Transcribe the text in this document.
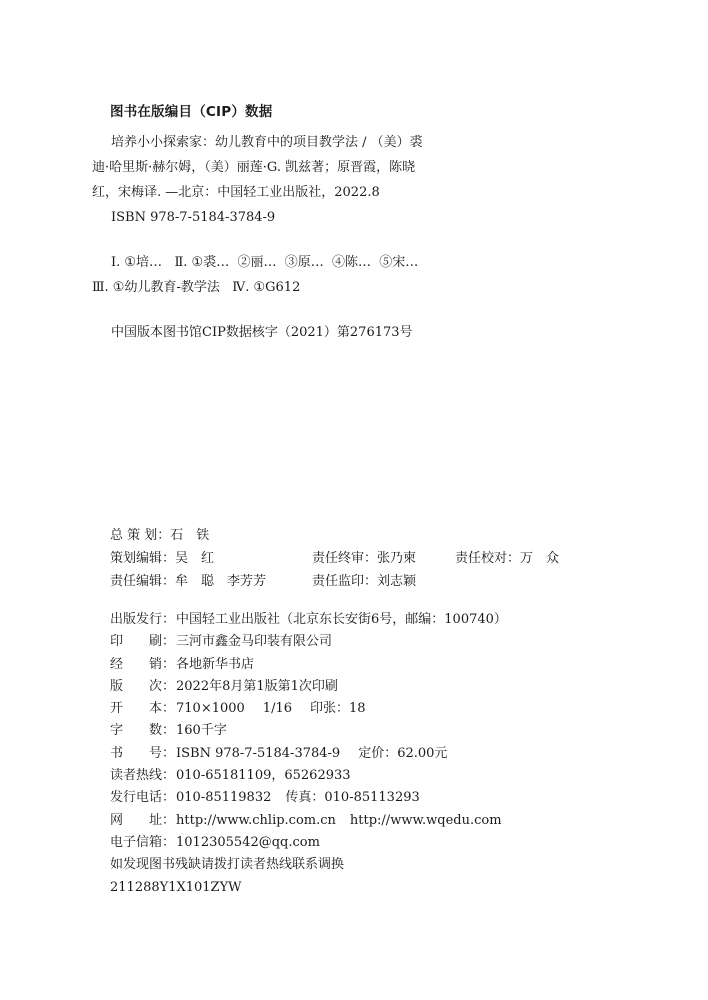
图书在版编目（CIP）数据
培养小小探索家：幼儿教育中的项目教学法 / （美）裘
迪·哈里斯·赫尔姆，（美）丽莲·G. 凯兹著；原晋霞，陈晓
红，宋梅译. —北京：中国轻工业出版社，2022.8
ISBN 978-7-5184-3784-9
Ⅰ. ①培…   Ⅱ. ①裘…  ②丽…  ③原…  ④陈…  ⑤宋…
Ⅲ. ①幼儿教育-教学法   Ⅳ. ①G612
中国版本图书馆CIP数据核字（2021）第276173号
总 策 划：石　铁
策划编辑：吴　红	责任终审：张乃柬	责任校对：万　众
责任编辑：牟　聪　李芳芳	责任监印：刘志颖
出版发行：中国轻工业出版社（北京东长安街6号，邮编：100740）
印　　刷：三河市鑫金马印装有限公司
经　　销：各地新华书店
版　　次：2022年8月第1版第1次印刷
开　　本：710×1000 1/16 印张：18
字　　数：160千字
书　　号：ISBN 978-7-5184-3784-9 定价：62.00元
读者热线：010-65181109，65262933
发行电话：010-85119832 传真：010-85113293
网　　址：http://www.chlip.com.cn http://www.wqedu.com
电子信箱：1012305542@qq.com
如发现图书残缺请拨打读者热线联系调换
211288Y1X101ZYW
